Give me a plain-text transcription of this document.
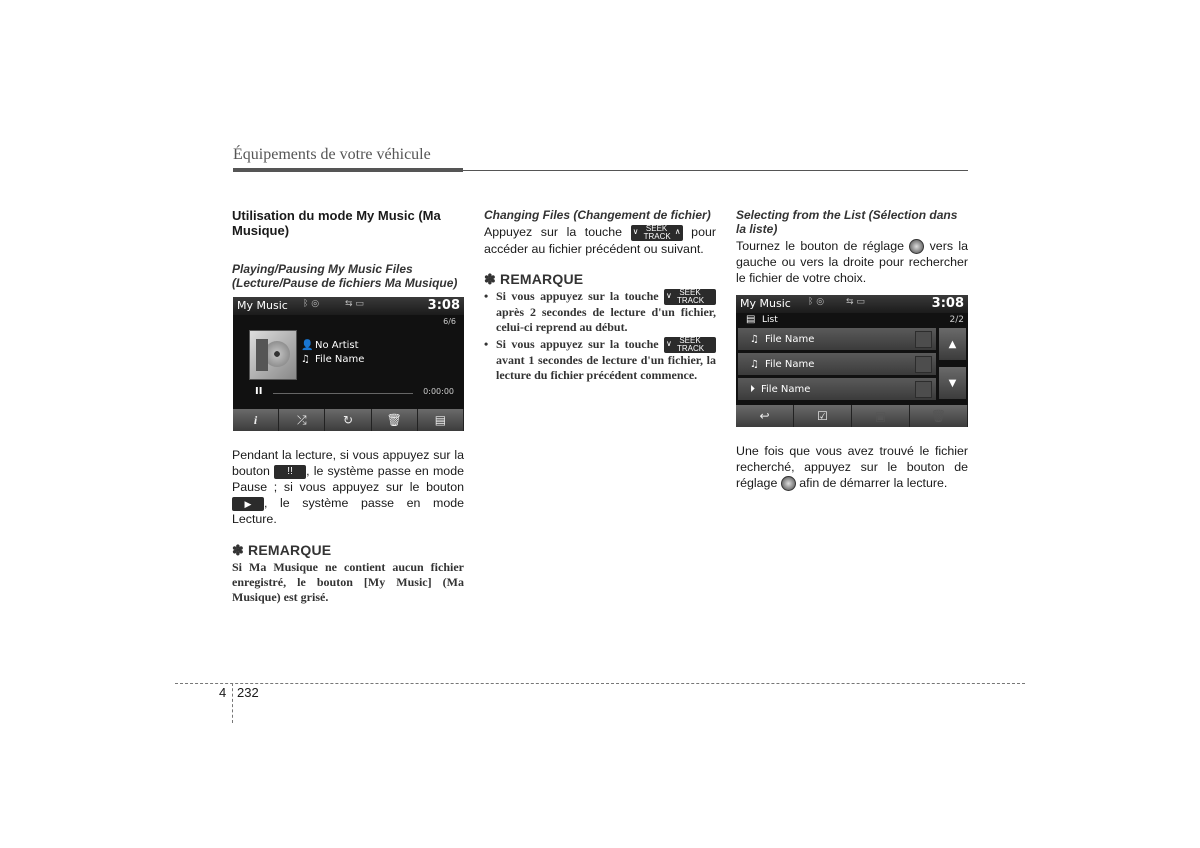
Équipements de votre véhicule
Utilisation du mode My Music (Ma Musique)
Playing/Pausing My Music Files (Lecture/Pause de fichiers Ma Musique)
My Music ᛒ ◎	⇆ ▭	3:08
6/6
👤 No Artist
♫ File Name
II	0:00:00
i	⤮	↻	🗑	▤
Pendant la lecture, si vous appuyez sur la bouton !! , le système passe en mode Pause ; si vous appuyez sur le bouton ▶ , le système passe en mode Lecture.
✽ REMARQUE
Si Ma Musique ne contient aucun fichier enregistré, le bouton [My Music] (Ma Musique) est grisé.
Changing Files (Changement de fichier)
Appuyez sur la touche ∨ SEEK TRACK
∧ pour accéder au fichier précédent ou suivant.
✽ REMARQUE
• Si vous appuyez sur la touche ∨ SEEK TRACK après 2 secondes de lecture d'un fichier, celui-ci reprend au début.
• Si vous appuyez sur la touche ∨ SEEK TRACK avant 1 secondes de lecture d'un fichier, la lecture du fichier précédent commence.
Selecting from the List (Sélection dans la liste)
Tournez le bouton de réglage vers la gauche ou vers la droite pour rechercher le fichier de votre choix.
My Music ᛒ ◎ ⇆ ▭	3:08
▤ List	2/2
♫ File Name
♫ File Name
⏵ File Name
▲
▼
↩	☑	▣	🗑
Une fois que vous avez trouvé le fichier recherché, appuyez sur le bouton de réglage afin de démarrer la lecture.
4 232
